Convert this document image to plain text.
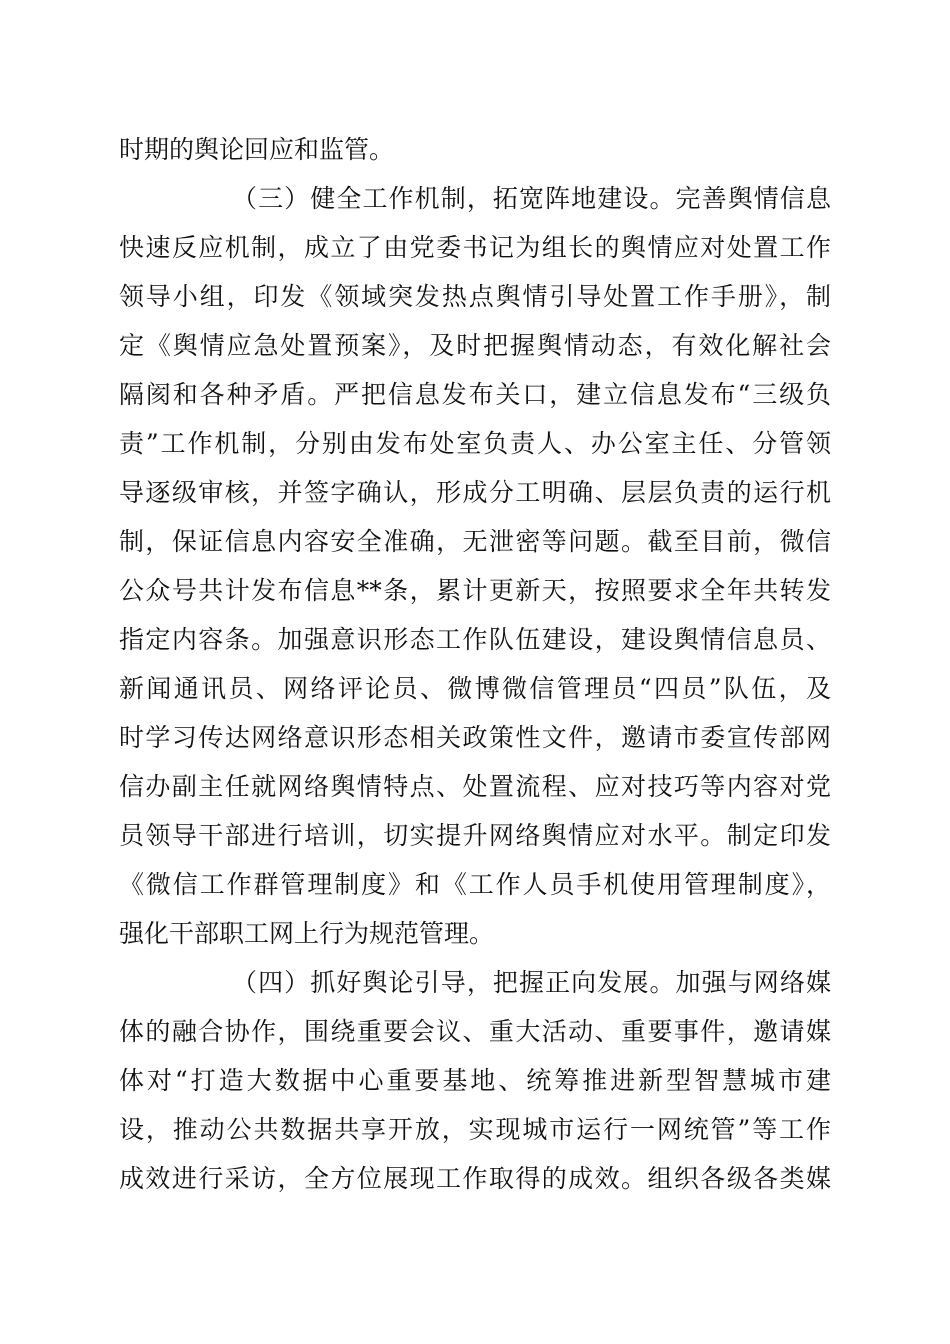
时期的舆论回应和监管。
（三）健全工作机制，拓宽阵地建设。完善舆情信息
快速反应机制，成立了由党委书记为组长的舆情应对处置工作
领导小组，印发《领域突发热点舆情引导处置工作手册》，制
定《舆情应急处置预案》，及时把握舆情动态，有效化解社会
隔阂和各种矛盾。严把信息发布关口，建立信息发布“三级负
责”工作机制，分别由发布处室负责人、办公室主任、分管领
导逐级审核，并签字确认，形成分工明确、层层负责的运行机
制，保证信息内容安全准确，无泄密等问题。截至目前，微信
公众号共计发布信息**条，累计更新天，按照要求全年共转发
指定内容条。加强意识形态工作队伍建设，建设舆情信息员、
新闻通讯员、网络评论员、微博微信管理员“四员”队伍，及
时学习传达网络意识形态相关政策性文件，邀请市委宣传部网
信办副主任就网络舆情特点、处置流程、应对技巧等内容对党
员领导干部进行培训，切实提升网络舆情应对水平。制定印发
《微信工作群管理制度》和《工作人员手机使用管理制度》，
强化干部职工网上行为规范管理。
（四）抓好舆论引导，把握正向发展。加强与网络媒
体的融合协作，围绕重要会议、重大活动、重要事件，邀请媒
体对“打造大数据中心重要基地、统筹推进新型智慧城市建
设，推动公共数据共享开放，实现城市运行一网统管”等工作
成效进行采访，全方位展现工作取得的成效。组织各级各类媒
